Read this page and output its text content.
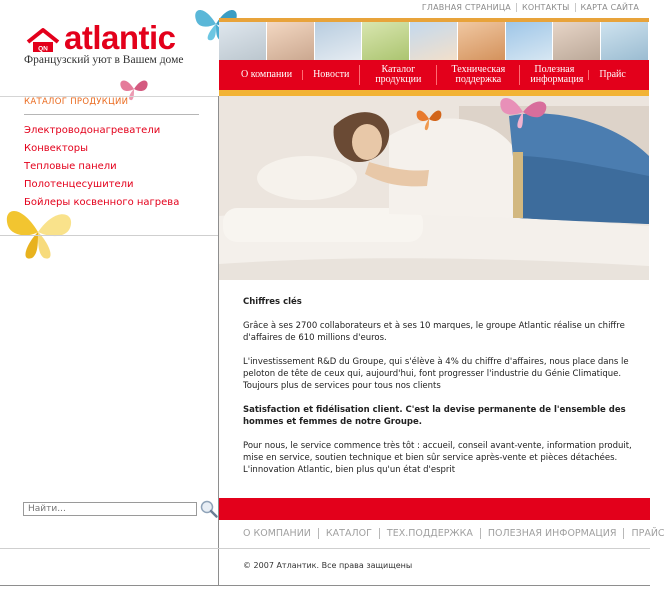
ГЛАВНАЯ СТРАНИЦА	КОНТАКТЫ	КАРТА САЙТА
QN atlantic
Французский уют в Вашем доме
О компании	Новости	Каталог продукции
Техническая поддержка
Полезная информация	Прайс
КАТАЛОГ ПРОДУКЦИИ
Электроводонагреватели
Конвекторы
Тепловые панели
Полотенцесушители
Бойлеры косвенного нагрева

Chiffres clés

Grâce à ses 2700 collaborateurs et à ses 10 marques, le groupe Atlantic réalise un chiffre d'affaires de 610 millions d'euros.

L'investissement R&D du Groupe, qui s'élève à 4% du chiffre d'affaires, nous place dans le peloton de tête de ceux qui, aujourd'hui, font progresser l'industrie du Génie Climatique. Toujours plus de services pour tous nos clients

Satisfaction et fidélisation client. C'est la devise permanente de l'ensemble des hommes et femmes de notre Groupe.

Pour nous, le service commence très tôt : accueil, conseil avant-vente, information produit, mise en service, soutien technique et bien sûr service après-vente et pièces détachées. L'innovation Atlantic, bien plus qu'un état d'esprit

Найти...
О КОМПАНИИ	КАТАЛОГ	ТЕХ.ПОДДЕРЖКА	ПОЛЕЗНАЯ ИНФОРМАЦИЯ	ПРАЙС
© 2007 Атлантик. Все права защищены
